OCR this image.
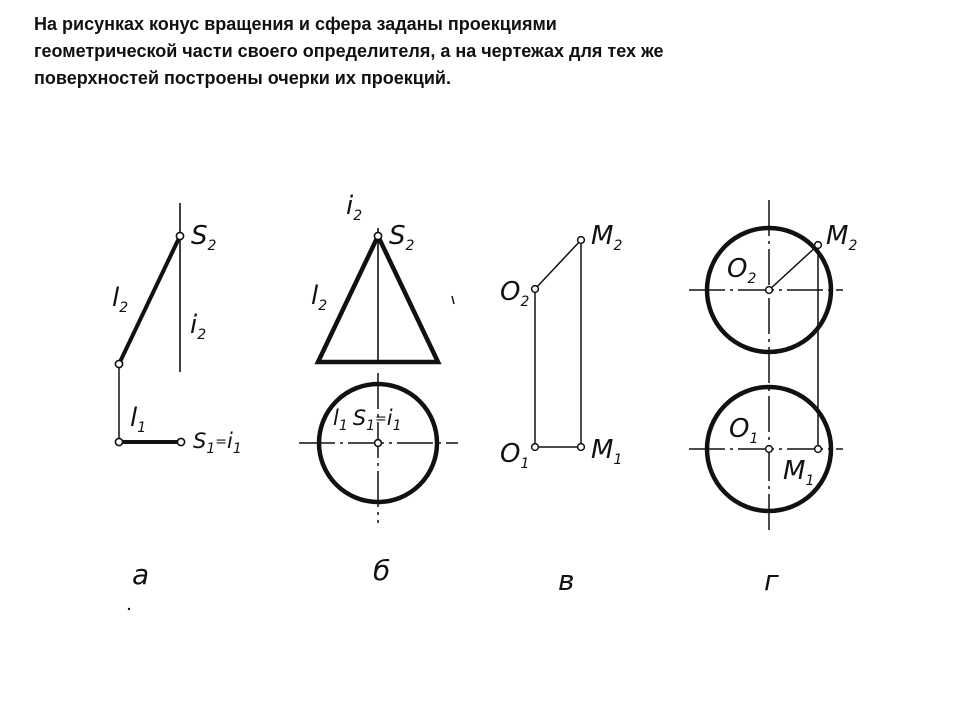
На рисунках конус вращения и сфера заданы проекциями
геометрической части своего определителя, а на чертежах для тех же
поверхностей построены очерки их проекций.
$S_2$
$l_2$
$i_2$
$l_1$
$S_1^=i_1$
а
$i_2$
$S_2$
$l_2$
$l_1$ $S_1^=i_1$
б
$O_2$
$M_2$
$O_1$ $M_1$
в
$O_2$
$M_2$
$O_1$
$M_1$
г
